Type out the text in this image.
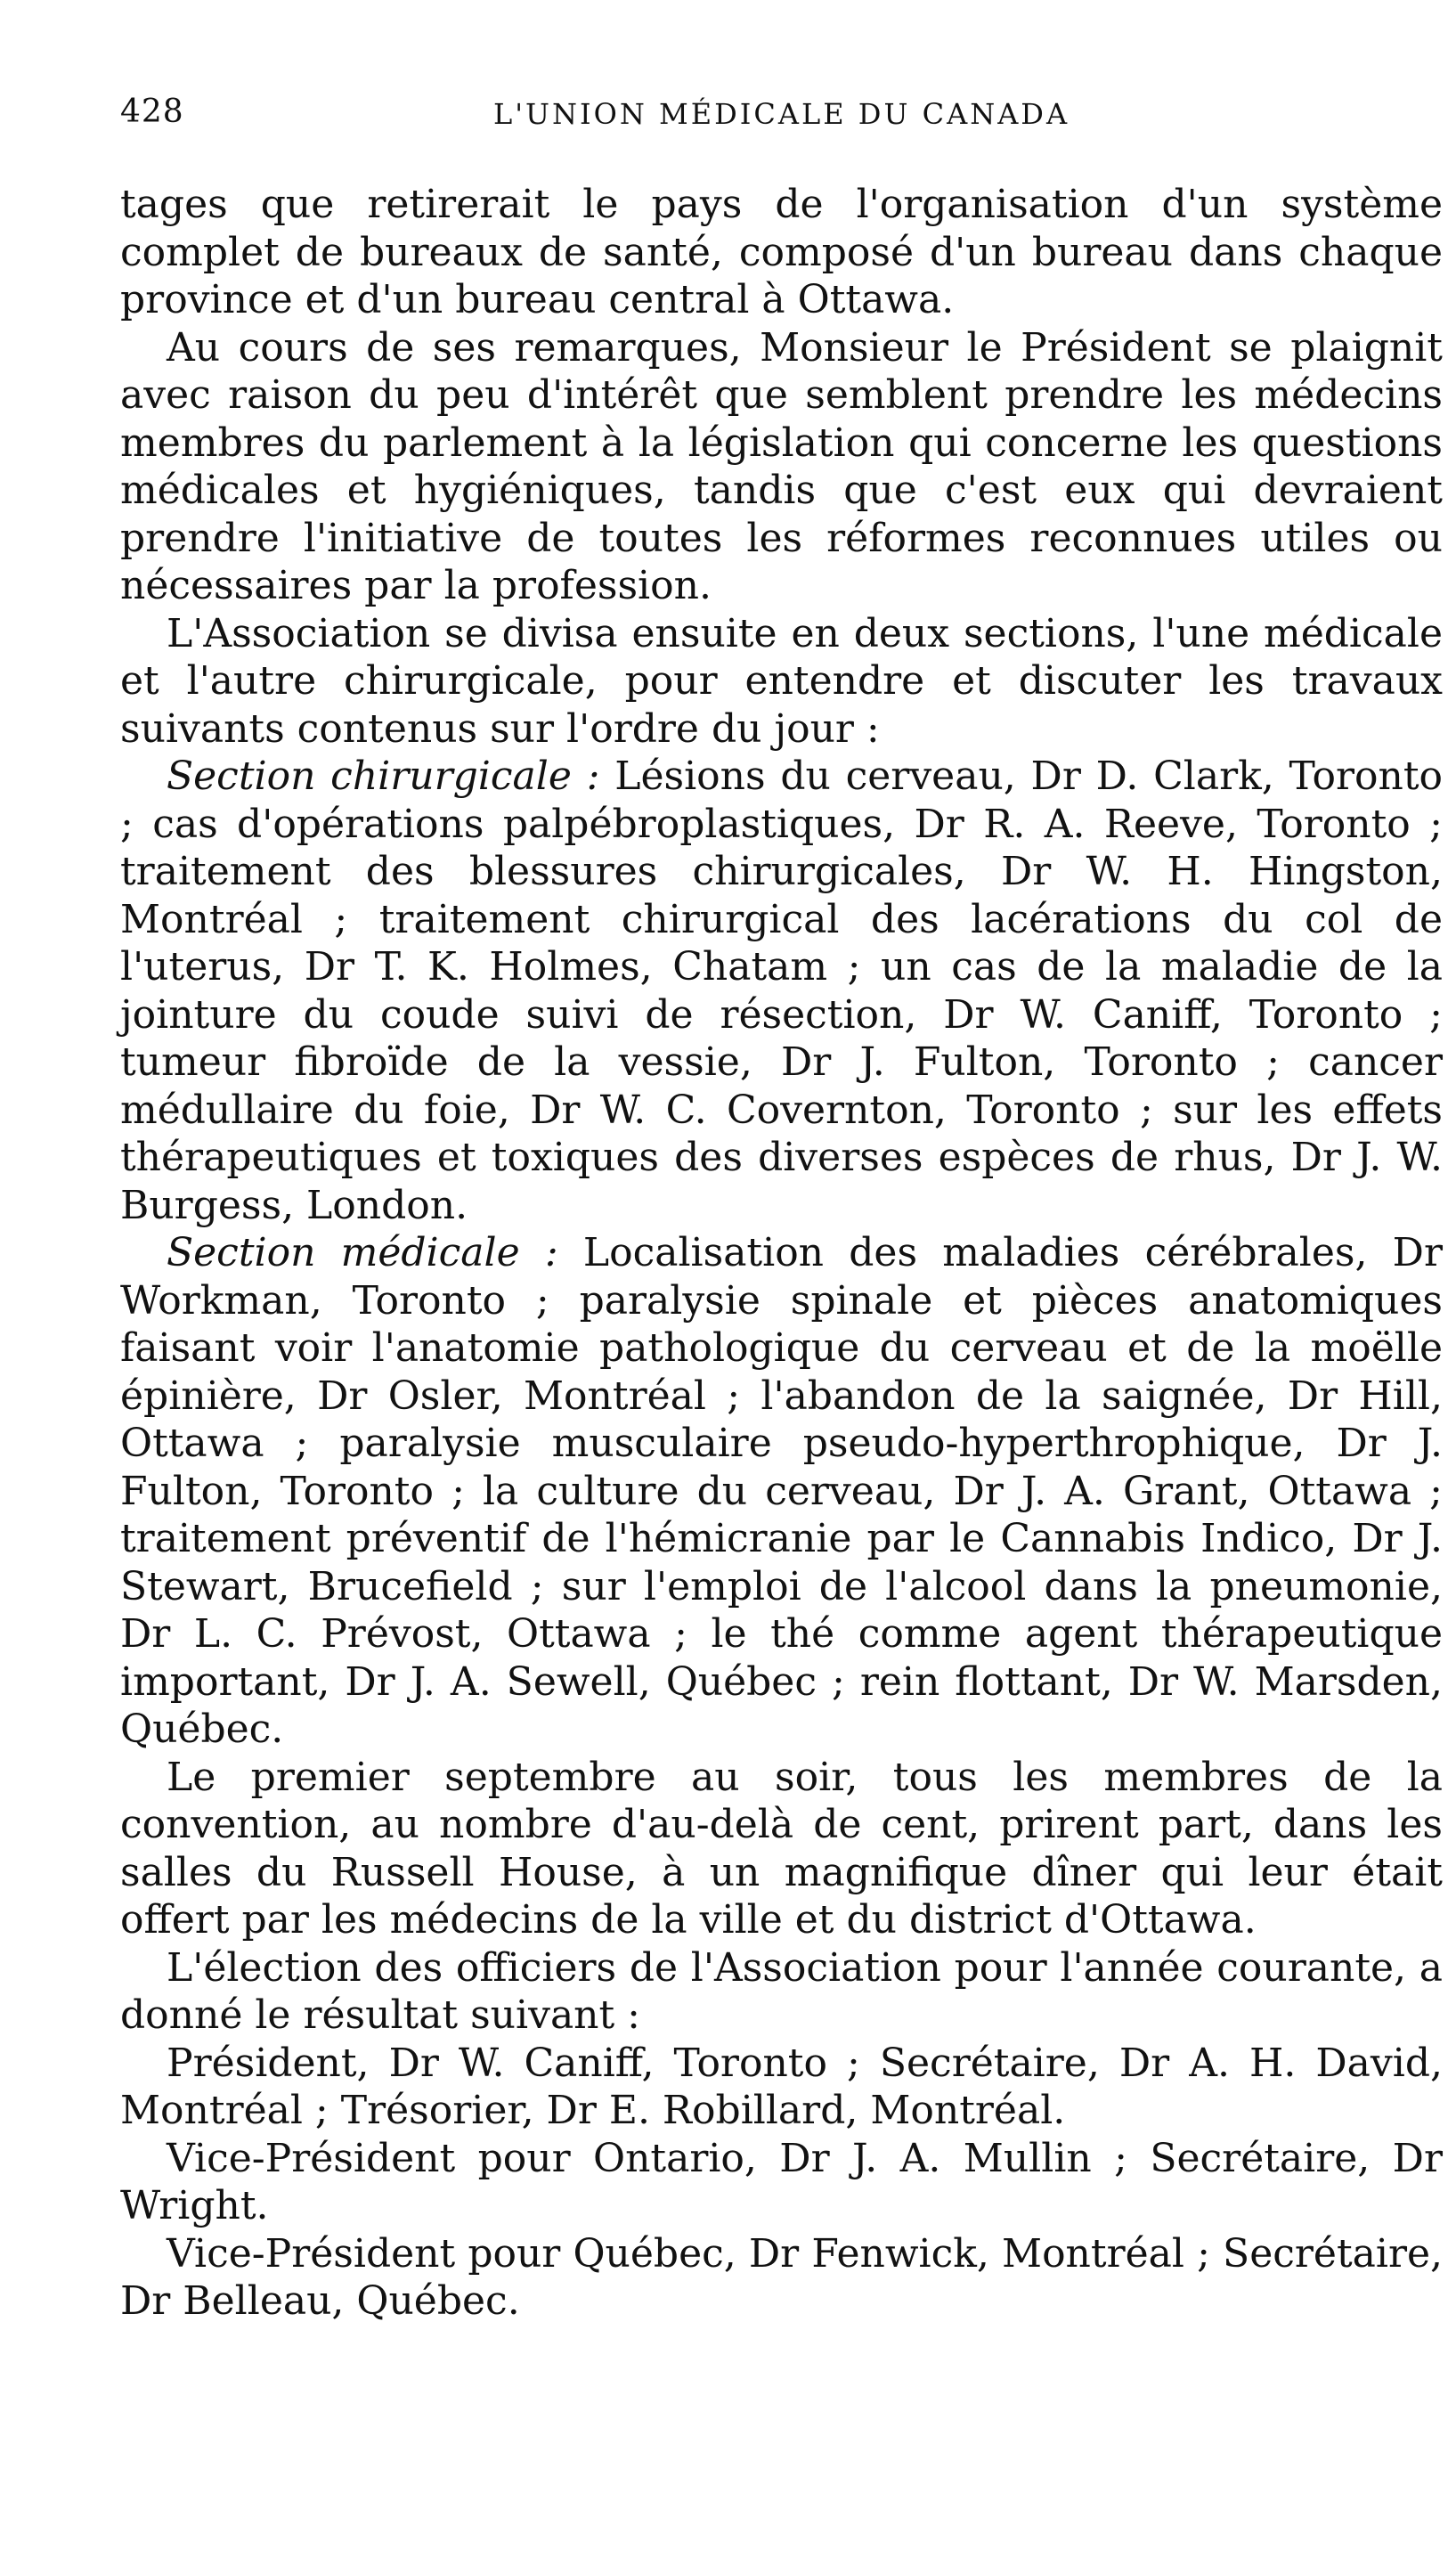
428	L'UNION MÉDICALE DU CANADA

tages que retirerait le pays de l'organisation d'un système complet de bureaux de santé, composé d'un bureau dans chaque province et d'un bureau central à Ottawa.

Au cours de ses remarques, Monsieur le Président se plaignit avec raison du peu d'intérêt que semblent prendre les médecins membres du parlement à la législation qui concerne les questions médicales et hygiéniques, tandis que c'est eux qui devraient prendre l'initiative de toutes les réformes reconnues utiles ou nécessaires par la profession.

L'Association se divisa ensuite en deux sections, l'une médicale et l'autre chirurgicale, pour entendre et discuter les travaux suivants contenus sur l'ordre du jour :

Section chirurgicale : Lésions du cerveau, Dr D. Clark, Toronto ; cas d'opérations palpébroplastiques, Dr R. A. Reeve, Toronto ; traitement des blessures chirurgicales, Dr W. H. Hingston, Montréal ; traitement chirurgical des lacérations du col de l'uterus, Dr T. K. Holmes, Chatam ; un cas de la maladie de la jointure du coude suivi de résection, Dr W. Caniff, Toronto ; tumeur fibroïde de la vessie, Dr J. Fulton, Toronto ; cancer médullaire du foie, Dr W. C. Covernton, Toronto ; sur les effets thérapeutiques et toxiques des diverses espèces de rhus, Dr J. W. Burgess, London.

Section médicale : Localisation des maladies cérébrales, Dr Workman, Toronto ; paralysie spinale et pièces anatomiques faisant voir l'anatomie pathologique du cerveau et de la moëlle épinière, Dr Osler, Montréal ; l'abandon de la saignée, Dr Hill, Ottawa ; paralysie musculaire pseudo-hyperthrophique, Dr J. Fulton, Toronto ; la culture du cerveau, Dr J. A. Grant, Ottawa ; traitement préventif de l'hémicranie par le Cannabis Indico, Dr J. Stewart, Brucefield ; sur l'emploi de l'alcool dans la pneumonie, Dr L. C. Prévost, Ottawa ; le thé comme agent thérapeutique important, Dr J. A. Sewell, Québec ; rein flottant, Dr W. Marsden, Québec.

Le premier septembre au soir, tous les membres de la convention, au nombre d'au-delà de cent, prirent part, dans les salles du Russell House, à un magnifique dîner qui leur était offert par les médecins de la ville et du district d'Ottawa.

L'élection des officiers de l'Association pour l'année courante, a donné le résultat suivant :

Président, Dr W. Caniff, Toronto ; Secrétaire, Dr A. H. David, Montréal ; Trésorier, Dr E. Robillard, Montréal.

Vice-Président pour Ontario, Dr J. A. Mullin ; Secrétaire, Dr Wright.

Vice-Président pour Québec, Dr Fenwick, Montréal ; Secrétaire, Dr Belleau, Québec.
